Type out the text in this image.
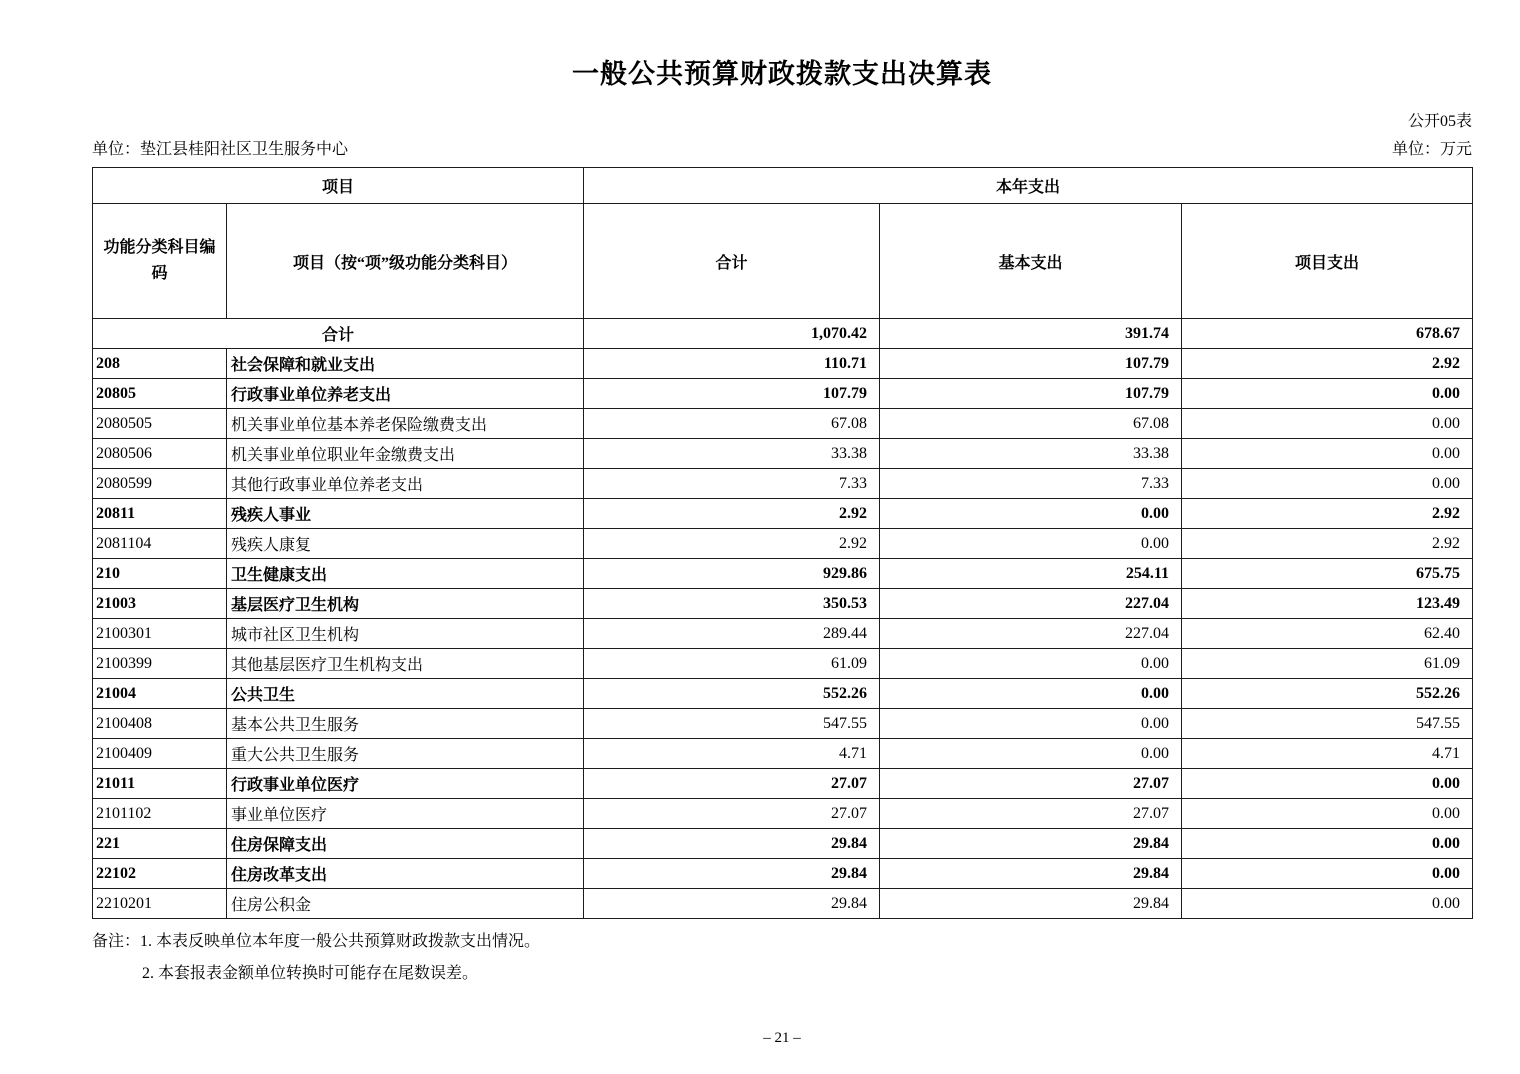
一般公共预算财政拨款支出决算表
公开05表
单位：垫江县桂阳社区卫生服务中心	单位：万元
项目		本年支出		
功能分类科目编码	项目（按“项”级功能分类科目）	合计	基本支出	项目支出
合计		1,070.42	391.74	678.67
208	社会保障和就业支出	110.71	107.79	2.92
20805	行政事业单位养老支出	107.79	107.79	0.00
2080505	机关事业单位基本养老保险缴费支出	67.08	67.08	0.00
2080506	机关事业单位职业年金缴费支出	33.38	33.38	0.00
2080599	其他行政事业单位养老支出	7.33	7.33	0.00
20811	残疾人事业	2.92	0.00	2.92
2081104	残疾人康复	2.92	0.00	2.92
210	卫生健康支出	929.86	254.11	675.75
21003	基层医疗卫生机构	350.53	227.04	123.49
2100301	城市社区卫生机构	289.44	227.04	62.40
2100399	其他基层医疗卫生机构支出	61.09	0.00	61.09
21004	公共卫生	552.26	0.00	552.26
2100408	基本公共卫生服务	547.55	0.00	547.55
2100409	重大公共卫生服务	4.71	0.00	4.71
21011	行政事业单位医疗	27.07	27.07	0.00
2101102	事业单位医疗	27.07	27.07	0.00
221	住房保障支出	29.84	29.84	0.00
22102	住房改革支出	29.84	29.84	0.00
2210201	住房公积金	29.84	29.84	0.00
备注：1. 本表反映单位本年度一般公共预算财政拨款支出情况。
2. 本套报表金额单位转换时可能存在尾数误差。
– 21 –
